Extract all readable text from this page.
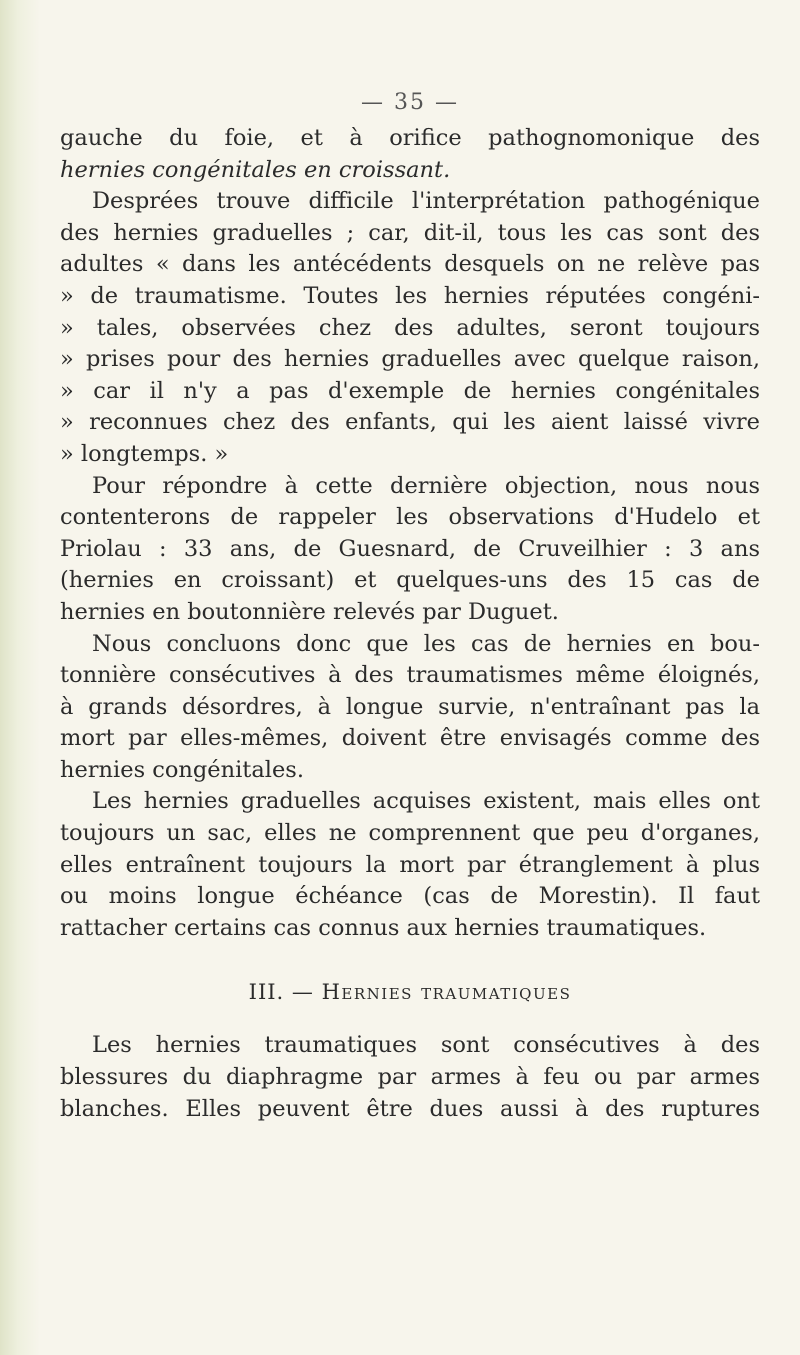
— 35 —
gauche du foie, et à orifice pathognomonique des
hernies congénitales en croissant.
Desprées trouve difficile l'interprétation pathogénique
des hernies graduelles ; car, dit-il, tous les cas sont des
adultes « dans les antécédents desquels on ne relève pas
» de traumatisme. Toutes les hernies réputées congéni-
» tales, observées chez des adultes, seront toujours
» prises pour des hernies graduelles avec quelque raison,
» car il n'y a pas d'exemple de hernies congénitales
» reconnues chez des enfants, qui les aient laissé vivre
» longtemps. »
Pour répondre à cette dernière objection, nous nous
contenterons de rappeler les observations d'Hudelo et
Priolau : 33 ans, de Guesnard, de Cruveilhier : 3 ans
(hernies en croissant) et quelques-uns des 15 cas de
hernies en boutonnière relevés par Duguet.
Nous concluons donc que les cas de hernies en bou-
tonnière consécutives à des traumatismes même éloignés,
à grands désordres, à longue survie, n'entraînant pas la
mort par elles-mêmes, doivent être envisagés comme des
hernies congénitales.
Les hernies graduelles acquises existent, mais elles ont
toujours un sac, elles ne comprennent que peu d'organes,
elles entraînent toujours la mort par étranglement à plus
ou moins longue échéance (cas de Morestin). Il faut
rattacher certains cas connus aux hernies traumatiques.
III. — Hernies traumatiques
Les hernies traumatiques sont consécutives à des
blessures du diaphragme par armes à feu ou par armes
blanches. Elles peuvent être dues aussi à des ruptures
